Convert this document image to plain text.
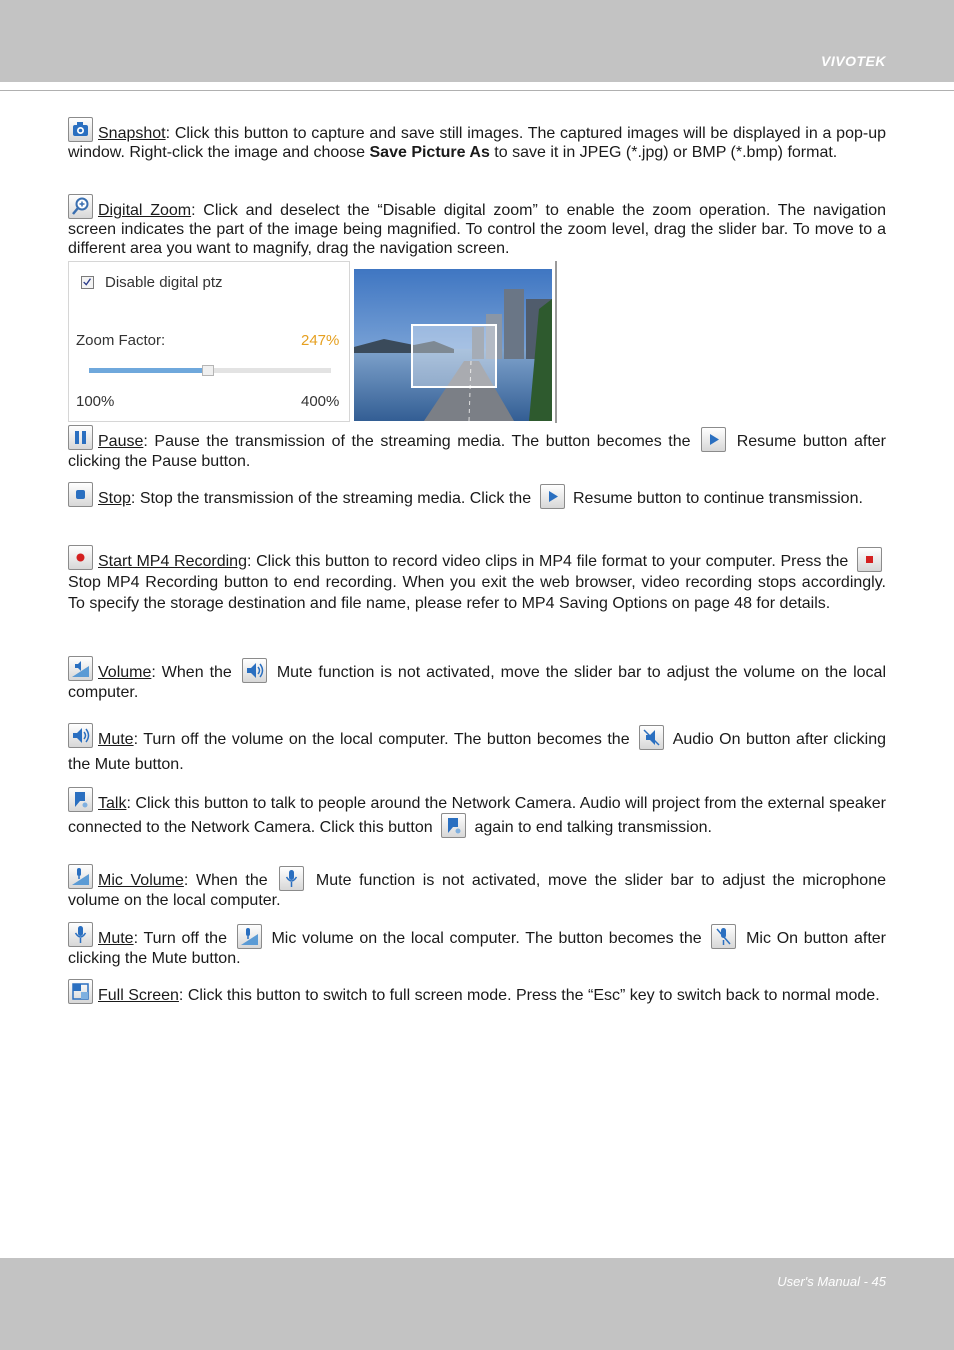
VIVOTEK
Snapshot: Click this button to capture and save still images. The captured images will be displayed in a pop-up window. Right-click the image and choose Save Picture As to save it in JPEG (*.jpg) or BMP (*.bmp) format.
Digital Zoom: Click and deselect the “Disable digital zoom” to enable the zoom operation. The navigation screen indicates the part of the image being magnified. To control the zoom level, drag the slider bar. To move to a different area you want to magnify, drag the navigation screen.
Disable digital ptz
Zoom Factor:	247%
100%	400%
Pause: Pause the transmission of the streaming media. The button becomes the
Resume button after clicking the Pause button.
Stop: Stop the transmission of the streaming media. Click the
Resume button to continue transmission.
Start MP4 Recording: Click this button to record video clips in MP4 file format to your computer. Press the
Stop MP4 Recording button to end recording. When you exit the web browser, video recording stops accordingly. To specify the storage destination and file name, please refer to MP4 Saving Options on page 48 for details.
Volume: When the
Mute function is not activated, move the slider bar to adjust the volume on the local computer.
Mute: Turn off the volume on the local computer. The button becomes the
Audio On button after clicking the Mute button.
Talk: Click this button to talk to people around the Network Camera. Audio will project from the external speaker connected to the Network Camera. Click this button
again to end talking transmission.
Mic Volume: When the
Mute function is not activated, move the slider bar to adjust the microphone volume on the local computer.
Mute: Turn off the
Mic volume on the local computer. The button becomes the
Mic On button after clicking the Mute button.
Full Screen: Click this button to switch to full screen mode. Press the “Esc” key to switch back to normal mode.
User's Manual - 45
